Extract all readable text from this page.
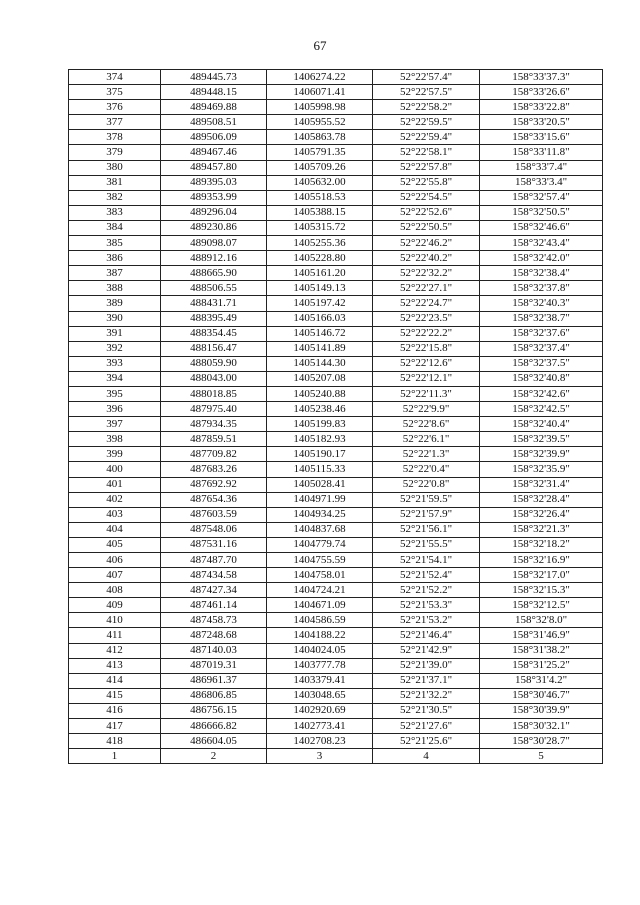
67
374	489445.73	1406274.22	52°22'57.4"	158°33'37.3"
375	489448.15	1406071.41	52°22'57.5"	158°33'26.6"
376	489469.88	1405998.98	52°22'58.2"	158°33'22.8"
377	489508.51	1405955.52	52°22'59.5"	158°33'20.5"
378	489506.09	1405863.78	52°22'59.4"	158°33'15.6"
379	489467.46	1405791.35	52°22'58.1"	158°33'11.8"
380	489457.80	1405709.26	52°22'57.8"	158°33'7.4"
381	489395.03	1405632.00	52°22'55.8"	158°33'3.4"
382	489353.99	1405518.53	52°22'54.5"	158°32'57.4"
383	489296.04	1405388.15	52°22'52.6"	158°32'50.5"
384	489230.86	1405315.72	52°22'50.5"	158°32'46.6"
385	489098.07	1405255.36	52°22'46.2"	158°32'43.4"
386	488912.16	1405228.80	52°22'40.2"	158°32'42.0"
387	488665.90	1405161.20	52°22'32.2"	158°32'38.4"
388	488506.55	1405149.13	52°22'27.1"	158°32'37.8"
389	488431.71	1405197.42	52°22'24.7"	158°32'40.3"
390	488395.49	1405166.03	52°22'23.5"	158°32'38.7"
391	488354.45	1405146.72	52°22'22.2"	158°32'37.6"
392	488156.47	1405141.89	52°22'15.8"	158°32'37.4"
393	488059.90	1405144.30	52°22'12.6"	158°32'37.5"
394	488043.00	1405207.08	52°22'12.1"	158°32'40.8"
395	488018.85	1405240.88	52°22'11.3"	158°32'42.6"
396	487975.40	1405238.46	52°22'9.9"	158°32'42.5"
397	487934.35	1405199.83	52°22'8.6"	158°32'40.4"
398	487859.51	1405182.93	52°22'6.1"	158°32'39.5"
399	487709.82	1405190.17	52°22'1.3"	158°32'39.9"
400	487683.26	1405115.33	52°22'0.4"	158°32'35.9"
401	487692.92	1405028.41	52°22'0.8"	158°32'31.4"
402	487654.36	1404971.99	52°21'59.5"	158°32'28.4"
403	487603.59	1404934.25	52°21'57.9"	158°32'26.4"
404	487548.06	1404837.68	52°21'56.1"	158°32'21.3"
405	487531.16	1404779.74	52°21'55.5"	158°32'18.2"
406	487487.70	1404755.59	52°21'54.1"	158°32'16.9"
407	487434.58	1404758.01	52°21'52.4"	158°32'17.0"
408	487427.34	1404724.21	52°21'52.2"	158°32'15.3"
409	487461.14	1404671.09	52°21'53.3"	158°32'12.5"
410	487458.73	1404586.59	52°21'53.2"	158°32'8.0"
411	487248.68	1404188.22	52°21'46.4"	158°31'46.9"
412	487140.03	1404024.05	52°21'42.9"	158°31'38.2"
413	487019.31	1403777.78	52°21'39.0"	158°31'25.2"
414	486961.37	1403379.41	52°21'37.1"	158°31'4.2"
415	486806.85	1403048.65	52°21'32.2"	158°30'46.7"
416	486756.15	1402920.69	52°21'30.5"	158°30'39.9"
417	486666.82	1402773.41	52°21'27.6"	158°30'32.1"
418	486604.05	1402708.23	52°21'25.6"	158°30'28.7"
1	2	3	4	5
